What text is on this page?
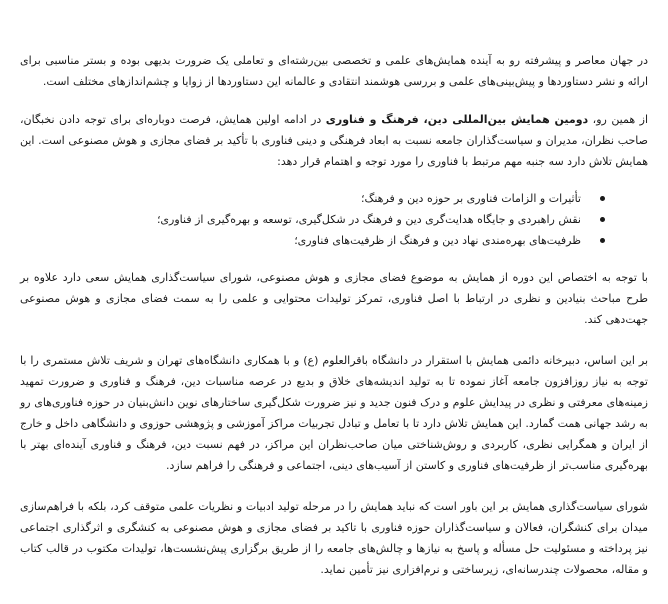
در جهان معاصر و پیشرفته رو به آینده همایش‌های علمی و تخصصی بین‌رشته‌ای و تعاملی یک ضرورت بدیهی بوده و بستر مناسبی برای ارائه و نشر دستاوردها و پیش‌بینی‌های علمی و بررسی هوشمند انتقادی و عالمانه این دستاوردها از زوایا و چشم‌اندازهای مختلف است.

از همین رو، دومین همایش بین‌المللی دین، فرهنگ و فناوری در ادامه اولین همایش، فرصت دوباره‌ای برای توجه دادن نخبگان، صاحب نظران، مدیران و سیاست‌گذاران جامعه نسبت به ابعاد فرهنگی و دینی فناوری با تأکید بر فضای مجازی و هوش مصنوعی است. این همایش تلاش دارد سه جنبه مهم مرتبط با فناوری را مورد توجه و اهتمام قرار دهد:

تأثیرات و الزامات فناوری بر حوزه دین و فرهنگ؛
نقش راهبردی و جایگاه هدایت‌گری دین و فرهنگ در شکل‌گیری، توسعه و بهره‌گیری از فناوری؛
ظرفیت‌های بهره‌مندی نهاد دین و فرهنگ از ظرفیت‌های فناوری؛

با توجه به اختصاص این دوره از همایش به موضوع فضای مجازی و هوش مصنوعی، شورای سیاست‌گذاری همایش سعی دارد علاوه بر طرح مباحث بنیادین و نظری در ارتباط با اصل فناوری، تمرکز تولیدات محتوایی و علمی را به سمت فضای مجازی و هوش مصنوعی جهت‌دهی کند.

بر این اساس، دبیرخانه دائمی همایش با استقرار در دانشگاه باقرالعلوم (ع) و با همکاری دانشگاه‌های تهران و شریف تلاش مستمری را با توجه به نیاز روزافزون جامعه آغاز نموده تا به تولید اندیشه‌های خلاق و بدیع در عرصه مناسبات دین، فرهنگ و فناوری و ضرورت تمهید زمینه‌های معرفتی و نظری در پیدایش علوم و درک فنون جدید و نیز ضرورت شکل‌گیری ساختارهای نوین دانش‌بنیان در حوزه فناوری‌های رو به رشد جهانی همت گمارد. این همایش تلاش دارد تا با تعامل و تبادل تجربیات مراکز آموزشی و پژوهشی حوزوی و دانشگاهی داخل و خارج از ایران و همگرایی نظری، کاربردی و روش‌شناختی میان صاحب‌نظران این مراکز، در فهم نسبت دین، فرهنگ و فناوری آینده‌ای بهتر با بهره‌گیری مناسب‌تر از ظرفیت‌های فناوری و کاستن از آسیب‌های دینی، اجتماعی و فرهنگی را فراهم سازد.

شورای سیاست‌گذاری همایش بر این باور است که نباید همایش را در مرحله تولید ادبیات و نظریات علمی متوقف کرد، بلکه با فراهم‌سازی میدان برای کنشگران، فعالان و سیاست‌گذاران حوزه فناوری با تاکید بر فضای مجازی و هوش مصنوعی به کنشگری و اثرگذاری اجتماعی نیز پرداخته و مسئولیت حل مسأله و پاسخ به نیازها و چالش‌های جامعه را از طریق برگزاری پیش‌نشست‌ها، تولیدات مکتوب در قالب کتاب و مقاله، محصولات چندرسانه‌ای، زیرساختی و نرم‌افزاری نیز تأمین نماید.
